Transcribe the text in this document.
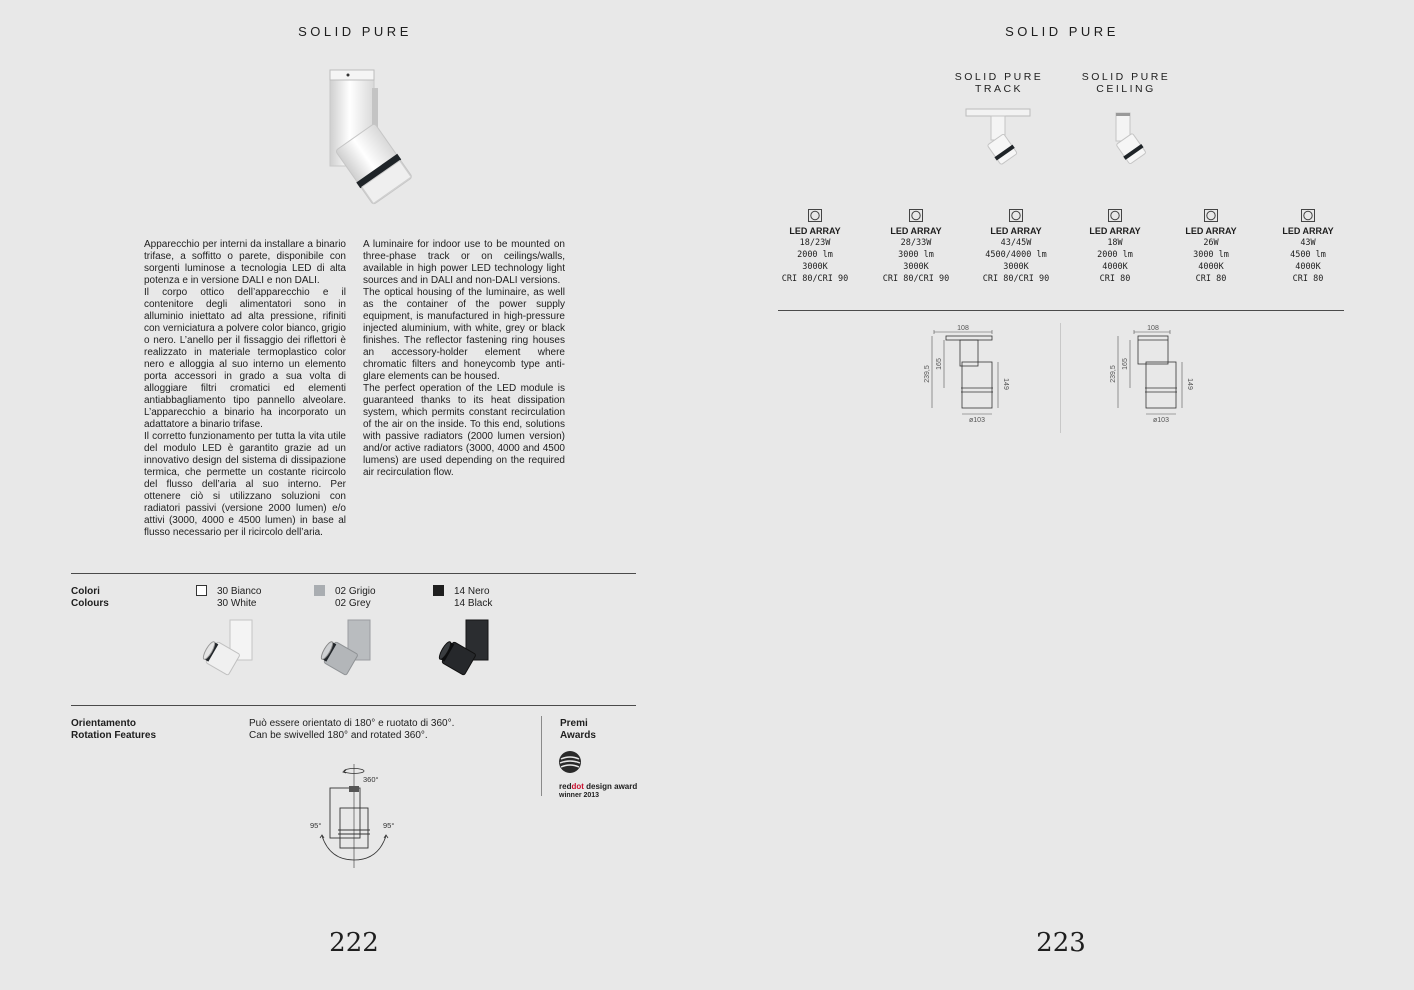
SOLID PURE

Apparecchio per interni da installare a binario trifase, a soffitto o parete, disponibile con sorgenti luminose a tecnologia LED di alta potenza e in versione DALI e non DALI.

Il corpo ottico dell’apparecchio e il contenitore degli alimentatori sono in alluminio iniettato ad alta pressione, rifiniti con verniciatura a polvere color bianco, grigio o nero. L’anello per il fissaggio dei riflettori è realizzato in materiale termoplastico color nero e alloggia al suo interno un elemento porta accessori in grado a sua volta di alloggiare filtri cromatici ed elementi antiabbagliamento tipo pannello alveolare. L’apparecchio a binario ha incorporato un adattatore a binario trifase.

Il corretto funzionamento per tutta la vita utile del modulo LED è garantito grazie ad un innovativo design del sistema di dissipazione termica, che permette un costante ricircolo del flusso dell’aria al suo interno. Per ottenere ciò si utilizzano soluzioni con radiatori passivi (versione 2000 lumen) e/o attivi (3000, 4000 e 4500 lumen) in base al flusso necessario per il ricircolo dell’aria.

A luminaire for indoor use to be mounted on three-phase track or on ceilings/walls, available in high power LED technology light sources and in DALI and non-DALI versions.

The optical housing of the luminaire, as well as the container of the power supply equipment, is manufactured in high-pressure injected aluminium, with white, grey or black finishes. The reflector fastening ring houses an accessory-holder element where chromatic filters and honeycomb type anti-glare elements can be housed.

The perfect operation of the LED module is guaranteed thanks to its heat dissipation system, which permits constant recirculation of the air on the inside. To this end, solutions with passive radiators (2000 lumen version) and/or active radiators (3000, 4000 and 4500 lumens) are used depending on the required air recirculation flow.

Colori
Colours
30 Bianco
30 White
02 Grigio
02 Grey
14 Nero
14 Black
Orientamento
Rotation Features
Può essere orientato di 180° e ruotato di 360°.
Can be swivelled 180° and rotated 360°.
360°
95°	95°
Premi
Awards
reddot design award
winner 2013
222
SOLID PURE
SOLID PURE
TRACK
SOLID PURE
CEILING
LED ARRAY
18/23W
2000 lm
3000K
CRI 80/CRI 90
LED ARRAY
28/33W
3000 lm
3000K
CRI 80/CRI 90
LED ARRAY
43/45W
4500/4000 lm
3000K
CRI 80/CRI 90
LED ARRAY
18W
2000 lm
4000K
CRI 80
LED ARRAY
26W
3000 lm
4000K
CRI 80
LED ARRAY
43W
4500 lm
4000K
CRI 80
108
239,5
165
149
ø103
108
239,5
165
149
ø103
223
